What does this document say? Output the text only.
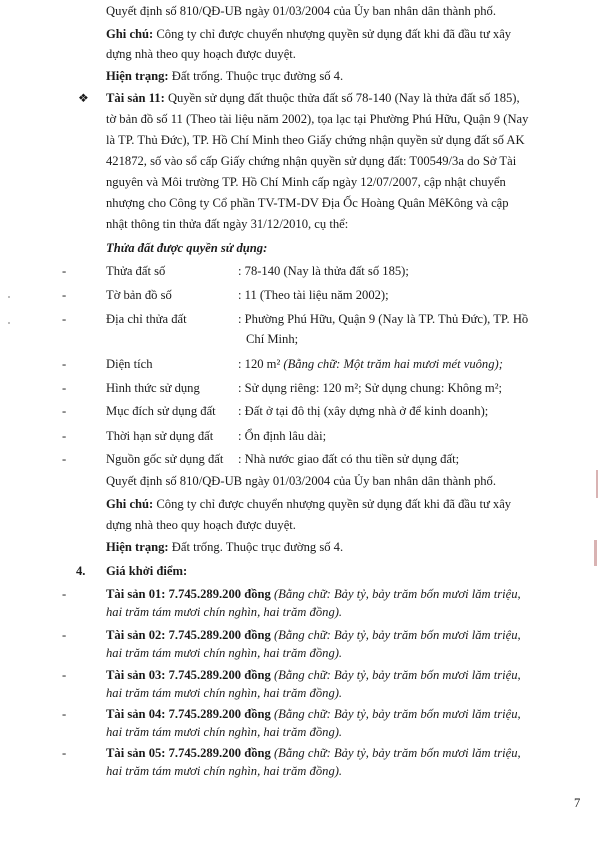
Quyết định số 810/QĐ-UB ngày 01/03/2004 của Ủy ban nhân dân thành phố.
Ghi chú: Công ty chỉ được chuyển nhượng quyền sử dụng đất khi đã đầu tư xây
dựng nhà theo quy hoạch được duyệt.
Hiện trạng: Đất trống. Thuộc trục đường số 4.
❖ Tài sản 11: Quyền sử dụng đất thuộc thửa đất số 78-140 (Nay là thửa đất số 185),
tờ bản đồ số 11 (Theo tài liệu năm 2002), tọa lạc tại Phường Phú Hữu, Quận 9 (Nay
là TP. Thủ Đức), TP. Hồ Chí Minh theo Giấy chứng nhận quyền sử dụng đất số AK
421872, số vào sổ cấp Giấy chứng nhận quyền sử dụng đất: T00549/3a do Sở Tài
nguyên và Môi trường TP. Hồ Chí Minh cấp ngày 12/07/2007, cập nhật chuyển
nhượng cho Công ty Cổ phần TV-TM-DV Địa Ốc Hoàng Quân MêKông và cập
nhật thông tin thửa đất ngày 31/12/2010, cụ thể:
Thửa đất được quyền sử dụng:
-	Thửa đất số	: 78-140 (Nay là thửa đất số 185);
-	Tờ bản đồ số	: 11 (Theo tài liệu năm 2002);
-	Địa chỉ thửa đất	: Phường Phú Hữu, Quận 9 (Nay là TP. Thủ Đức), TP. Hồ
Chí Minh;
-	Diện tích	: 120 m² (Bằng chữ: Một trăm hai mươi mét vuông);
-	Hình thức sử dụng	: Sử dụng riêng: 120 m²; Sử dụng chung: Không m²;
-	Mục đích sử dụng đất : Đất ở tại đô thị (xây dựng nhà ở để kinh doanh);
-	Thời hạn sử dụng đất : Ổn định lâu dài;
-	Nguồn gốc sử dụng đất : Nhà nước giao đất có thu tiền sử dụng đất;
Quyết định số 810/QĐ-UB ngày 01/03/2004 của Ủy ban nhân dân thành phố.
Ghi chú: Công ty chỉ được chuyển nhượng quyền sử dụng đất khi đã đầu tư xây
dựng nhà theo quy hoạch được duyệt.
Hiện trạng: Đất trống. Thuộc trục đường số 4.
4. Giá khởi điểm:
-	Tài sản 01: 7.745.289.200 đồng (Bằng chữ: Bảy tỷ, bảy trăm bốn mươi lăm triệu,
hai trăm tám mươi chín nghìn, hai trăm đồng).
-	Tài sản 02: 7.745.289.200 đồng (Bằng chữ: Bảy tỷ, bảy trăm bốn mươi lăm triệu,
hai trăm tám mươi chín nghìn, hai trăm đồng).
-	Tài sản 03: 7.745.289.200 đồng (Bằng chữ: Bảy tỷ, bảy trăm bốn mươi lăm triệu,
hai trăm tám mươi chín nghìn, hai trăm đồng).
-	Tài sản 04: 7.745.289.200 đồng (Bằng chữ: Bảy tỷ, bảy trăm bốn mươi lăm triệu,
hai trăm tám mươi chín nghìn, hai trăm đồng).
-	Tài sản 05: 7.745.289.200 đồng (Bằng chữ: Bảy tỷ, bảy trăm bốn mươi lăm triệu,
hai trăm tám mươi chín nghìn, hai trăm đồng).
7
